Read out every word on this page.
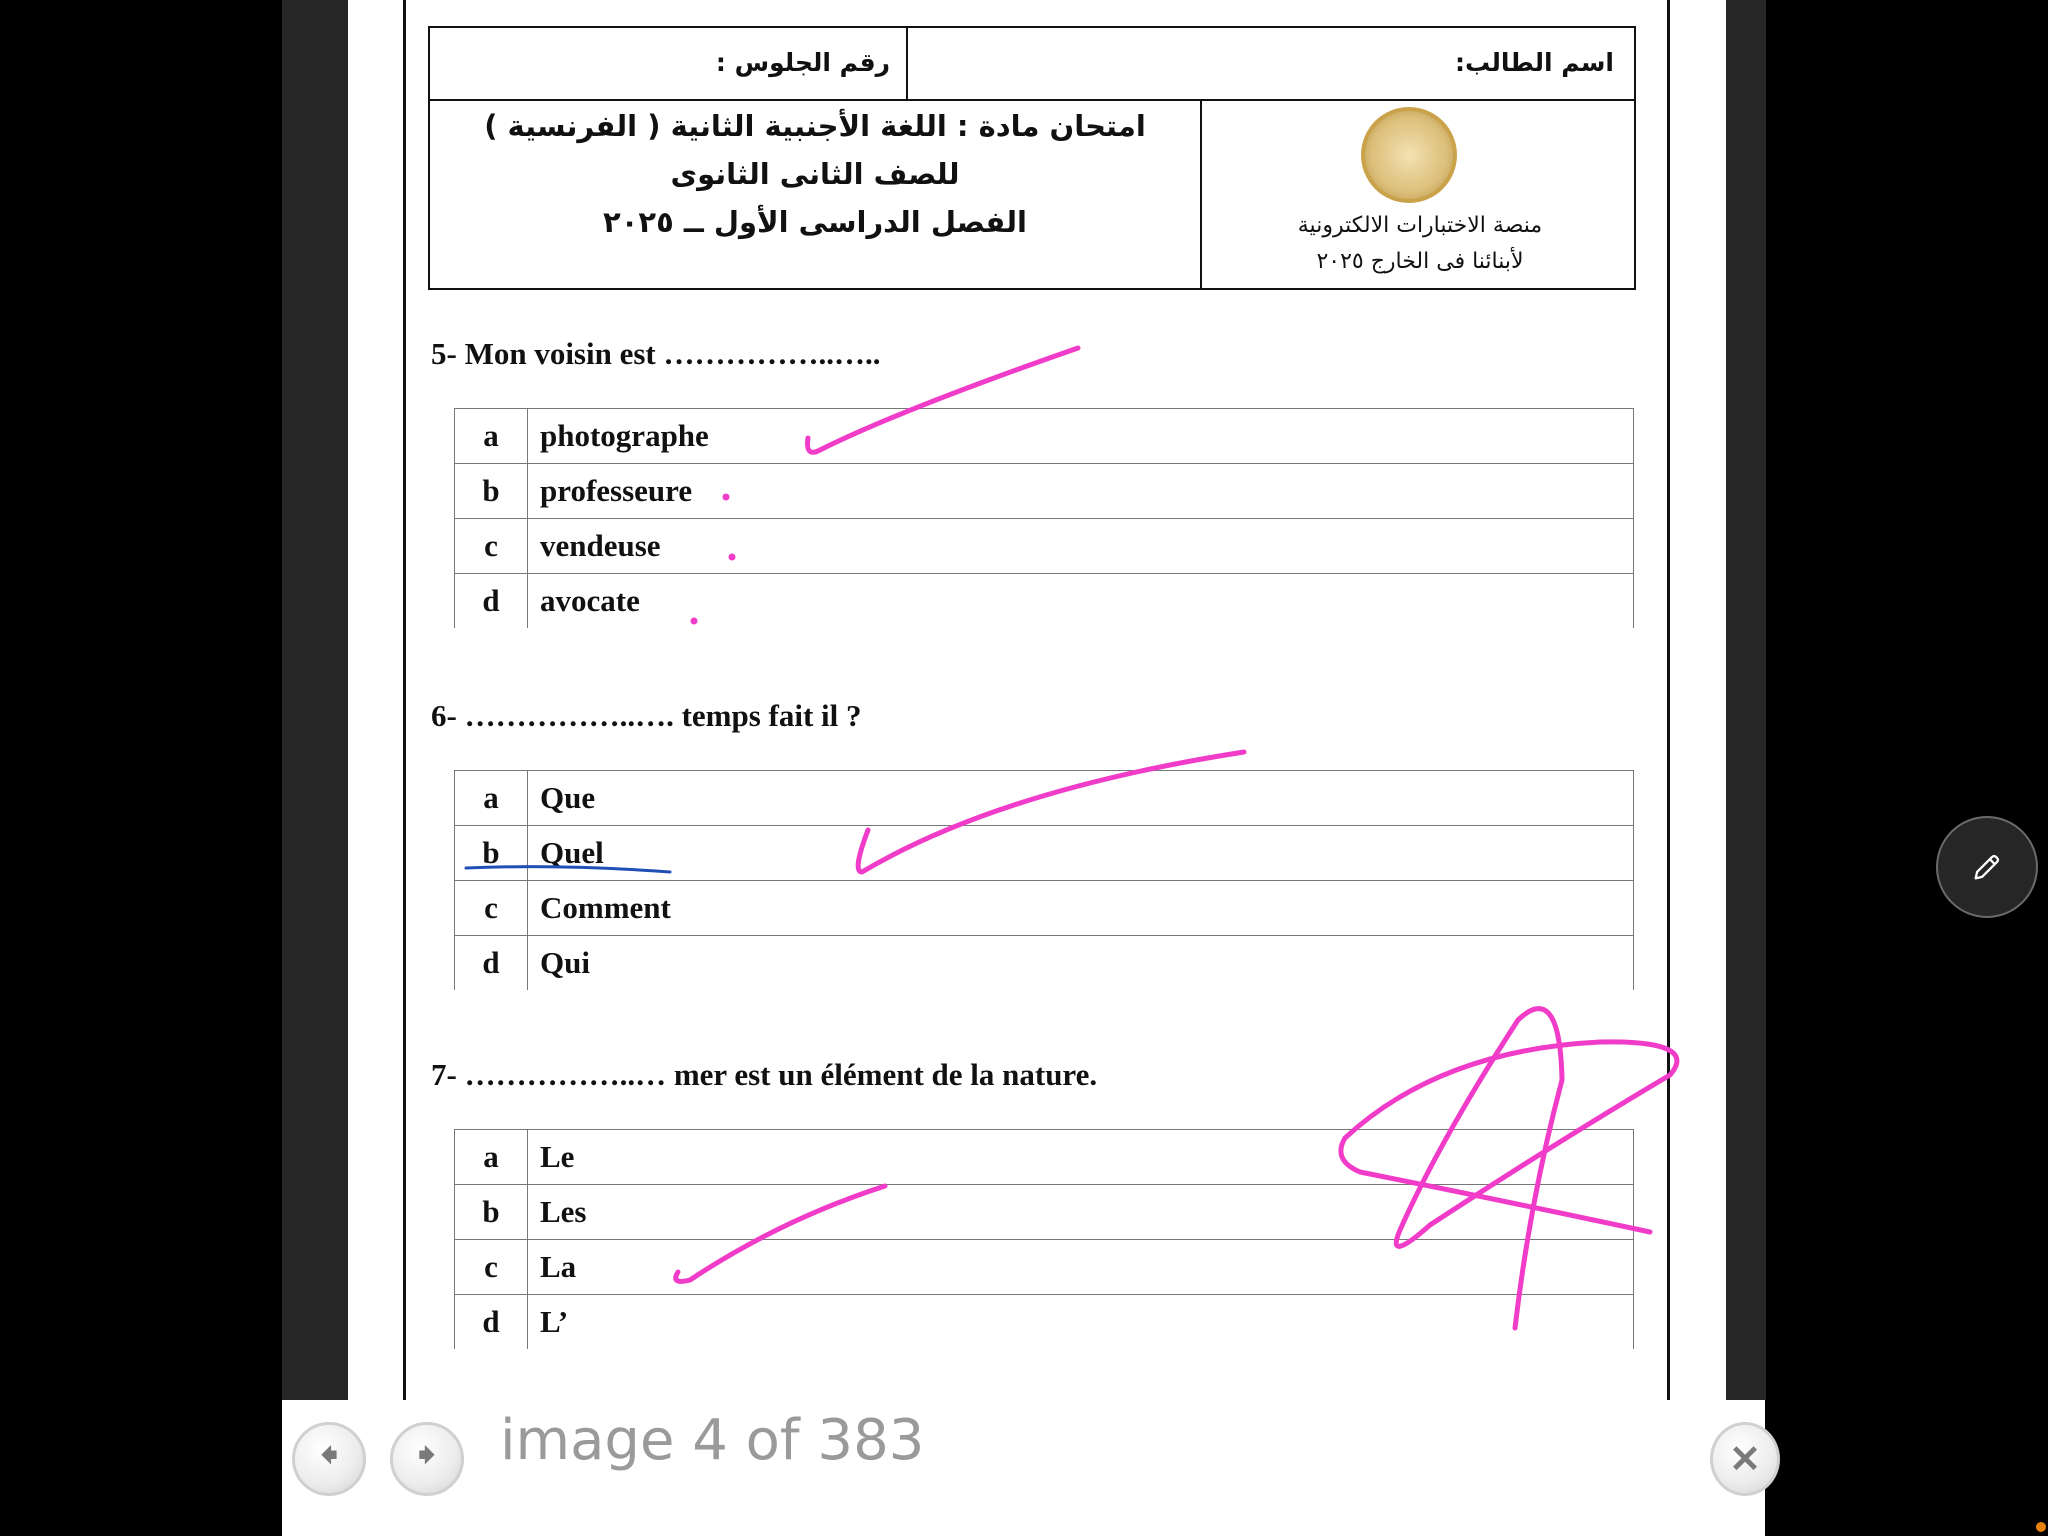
اسم الطالب:
رقم الجلوس :
امتحان مادة : اللغة الأجنبية الثانية ( الفرنسية )
للصف الثانى الثانوى
الفصل الدراسى الأول ــ ٢٠٢٥	منصة الاختبارات الالكترونية
لأبنائنا فى الخارج ٢٠٢٥
5- Mon voisin est ……………..…..
a	photographe
b	professeure
c	vendeuse
d	avocate
6- ……………..…. temps fait il ?
a	Que
b	Quel
c	Comment
d	Qui
7- ……………..… mer est un élément de la nature.
a	Le
b	Les
c	La
d	L’
🠸 🠺 image 4 of 383	✕
